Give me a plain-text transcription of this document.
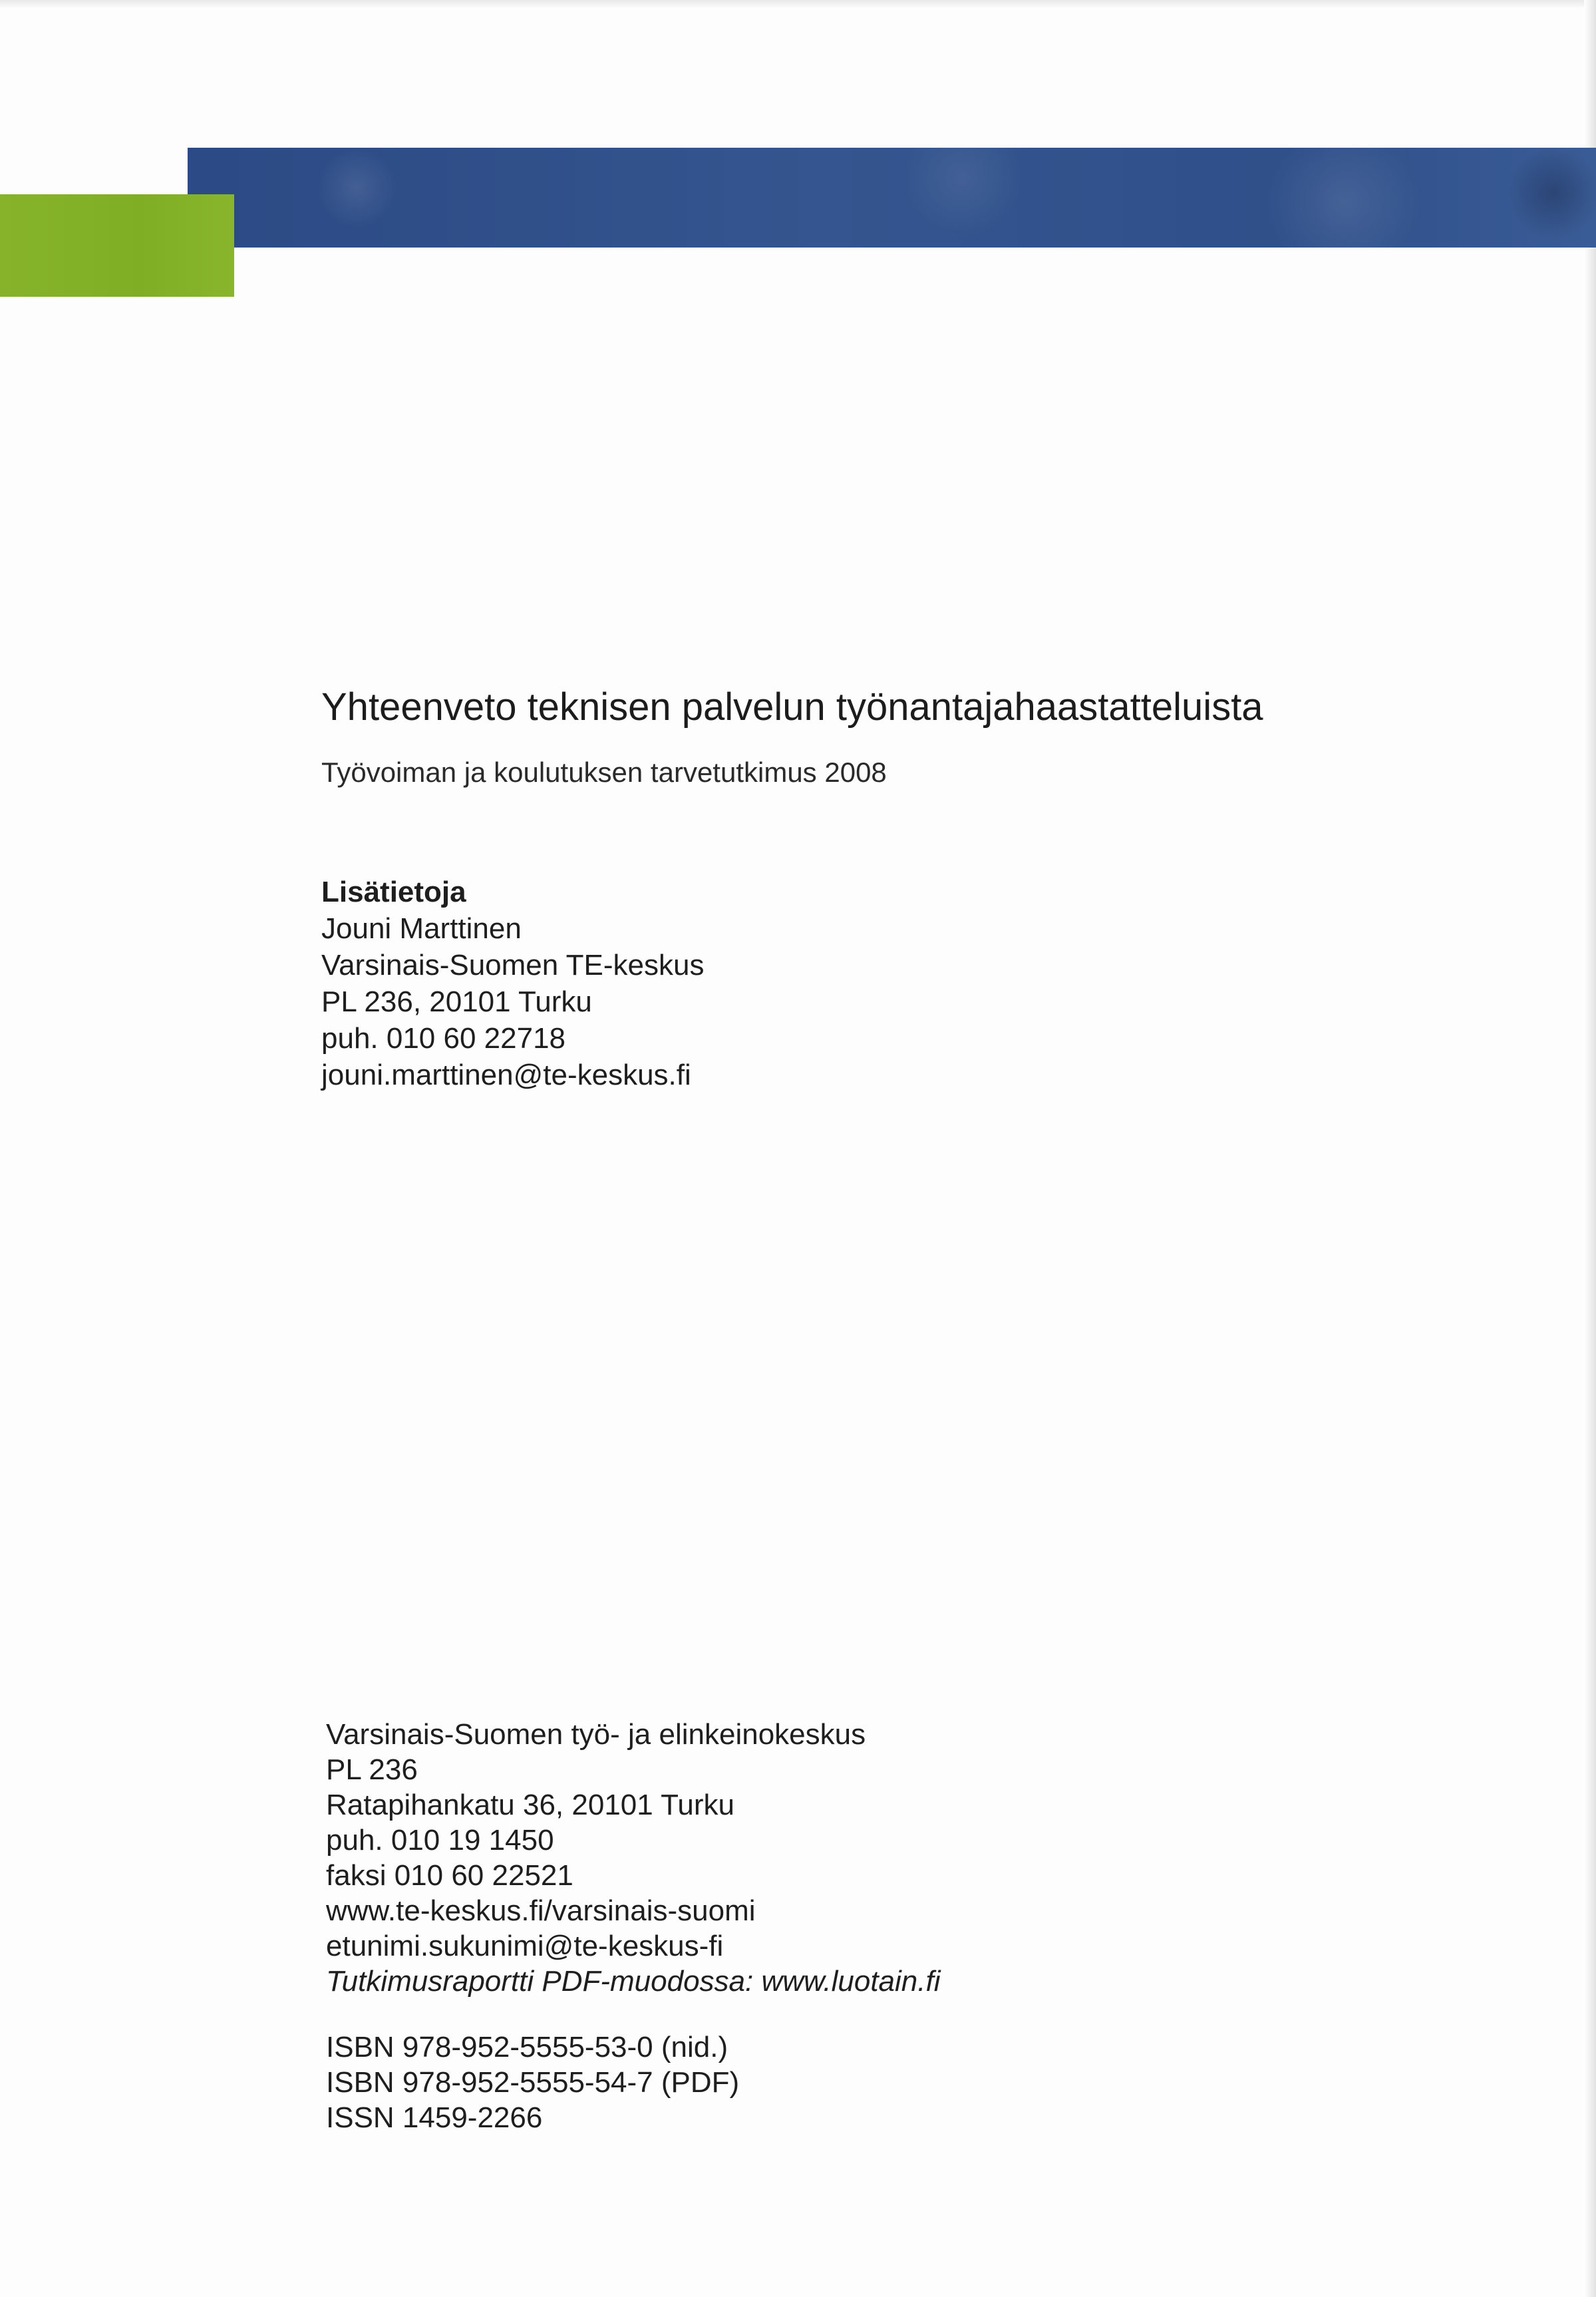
Yhteenveto teknisen palvelun työnantajahaastatteluista
Työvoiman ja koulutuksen tarvetutkimus 2008
Lisätietoja
Jouni Marttinen
Varsinais-Suomen TE-keskus
PL 236, 20101 Turku
puh. 010 60 22718
jouni.marttinen@te-keskus.fi
Varsinais-Suomen työ- ja elinkeinokeskus
PL 236
Ratapihankatu 36, 20101 Turku
puh. 010 19 1450
faksi 010 60 22521
www.te-keskus.fi/varsinais-suomi
etunimi.sukunimi@te-keskus-fi
Tutkimusraportti PDF-muodossa: www.luotain.fi
ISBN 978-952-5555-53-0 (nid.)
ISBN 978-952-5555-54-7 (PDF)
ISSN 1459-2266
